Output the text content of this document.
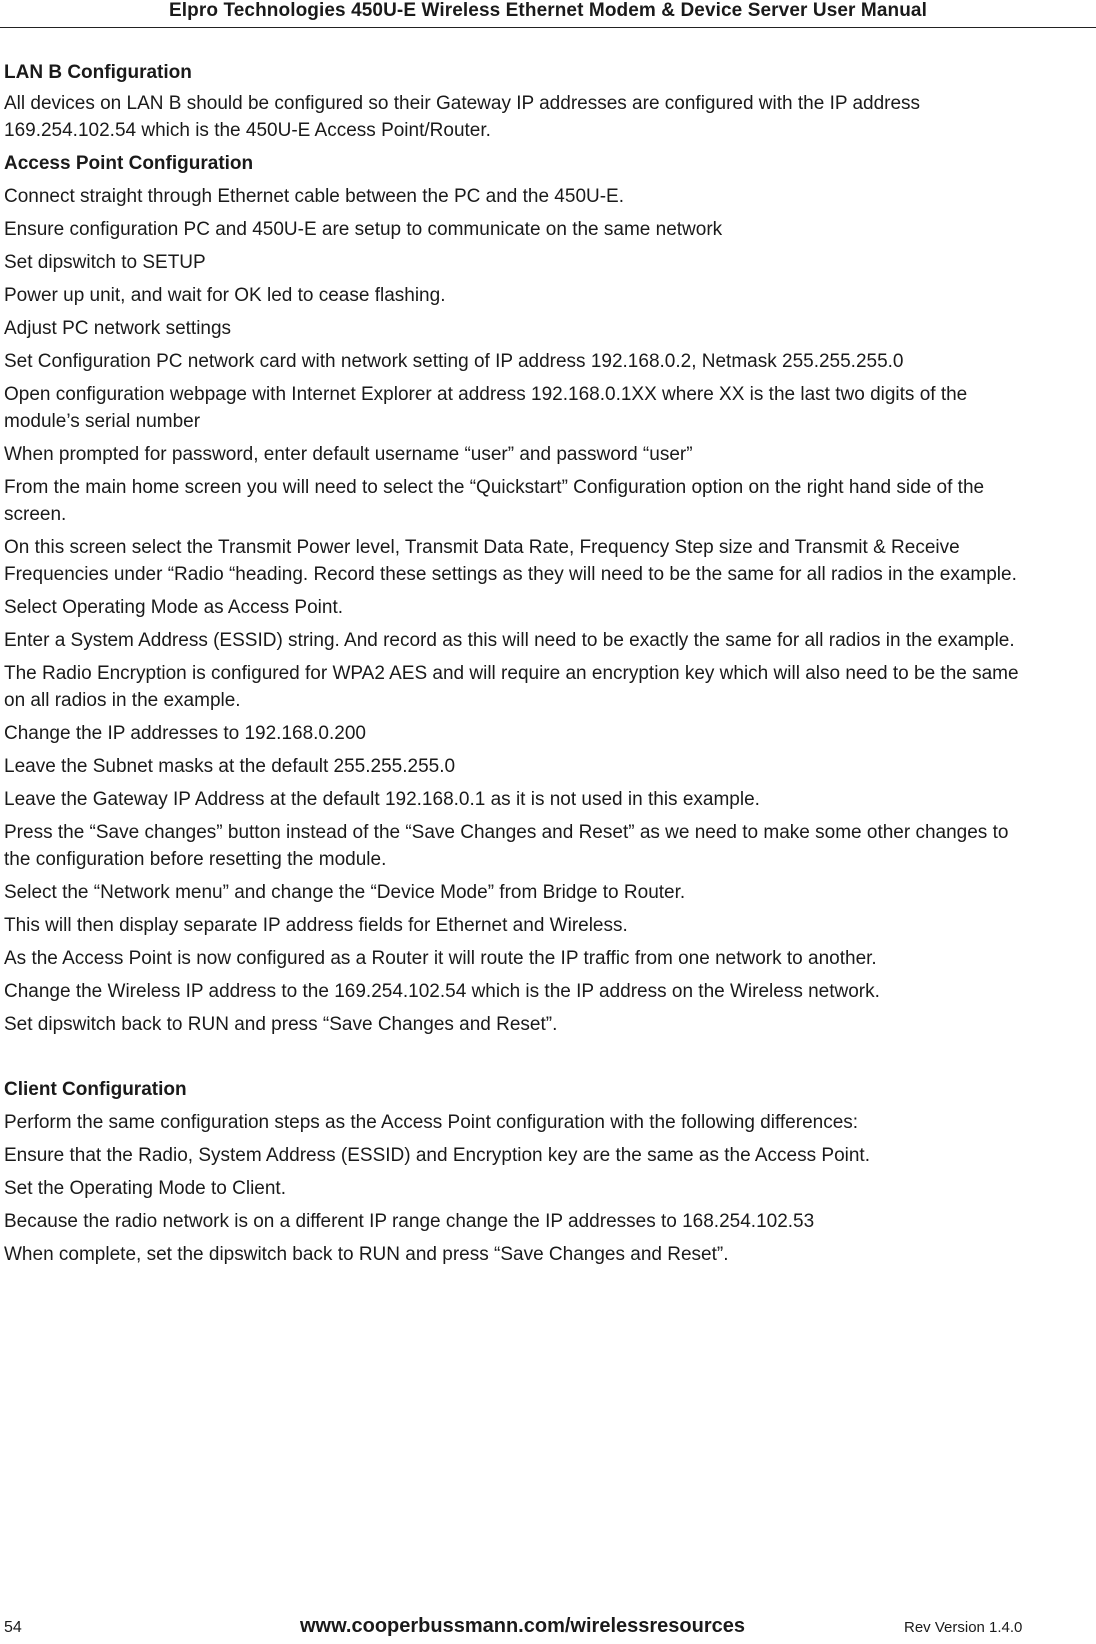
Elpro Technologies 450U-E Wireless Ethernet Modem & Device Server User Manual
LAN B Configuration
All devices on LAN B should be configured so their Gateway IP addresses are configured with the IP address
169.254.102.54 which is the 450U-E Access Point/Router.
Access Point Configuration
Connect straight through Ethernet cable between the PC and the 450U-E.
Ensure configuration PC and 450U-E are setup to communicate on the same network
Set dipswitch to SETUP
Power up unit, and wait for OK led to cease flashing.
Adjust PC network settings
Set Configuration PC network card with network setting of IP address 192.168.0.2, Netmask 255.255.255.0
Open configuration webpage with Internet Explorer at address 192.168.0.1XX where XX is the last two digits of the
module’s serial number
When prompted for password, enter default username “user” and password “user”
From the main home screen you will need to select the “Quickstart” Configuration option on the right hand side of the
screen.
On this screen select the Transmit Power level, Transmit Data Rate, Frequency Step size and Transmit & Receive
Frequencies under “Radio “heading. Record these settings as they will need to be the same for all radios in the example.
Select Operating Mode as Access Point.
Enter a System Address (ESSID) string. And record as this will need to be exactly the same for all radios in the example.
The Radio Encryption is configured for WPA2 AES and will require an encryption key which will also need to be the same
on all radios in the example.
Change the IP addresses to 192.168.0.200
Leave the Subnet masks at the default 255.255.255.0
Leave the Gateway IP Address at the default 192.168.0.1 as it is not used in this example.
Press the “Save changes” button instead of the “Save Changes and Reset” as we need to make some other changes to
the configuration before resetting the module.
Select the “Network menu” and change the “Device Mode” from Bridge to Router.
This will then display separate IP address fields for Ethernet and Wireless.
As the Access Point is now configured as a Router it will route the IP traffic from one network to another.
Change the Wireless IP address to the 169.254.102.54 which is the IP address on the Wireless network.
Set dipswitch back to RUN and press “Save Changes and Reset”.
Client Configuration
Perform the same configuration steps as the Access Point configuration with the following differences:
Ensure that the Radio, System Address (ESSID) and Encryption key are the same as the Access Point.
Set the Operating Mode to Client.
Because the radio network is on a different IP range change the IP addresses to 168.254.102.53
When complete, set the dipswitch back to RUN and press “Save Changes and Reset”.
54	www.cooperbussmann.com/wirelessresources	Rev Version 1.4.0
